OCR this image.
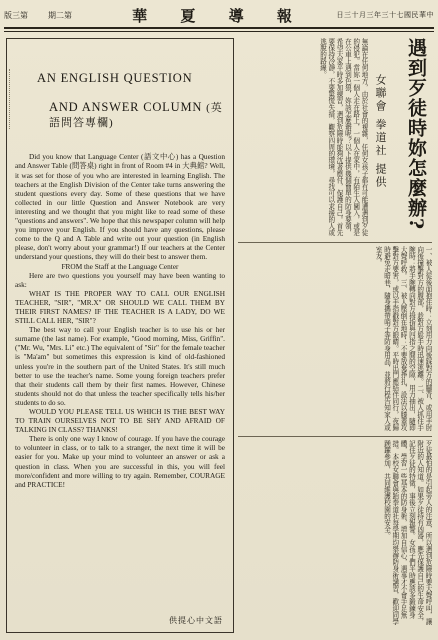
版三第	期二第	華 夏 導 報	日三十月三年三十七國民華中
AN ENGLISH QUESTION
AND ANSWER COLUMN (英語問答專欄)

Did you know that Language Center (語文中心) has a Question and Answer Table (問答桌) right in front of Room #4 in 大典館? Well, it was set for those of you who are interested in learning English. The teachers at the English Division of the Center take turns answering the student questions every day. Some of these questions that we have collected in our little Question and Answer Notebook are very interesting and we thought that you might like to read some of these "questions and answers". We hope that this newspaper column will help you improve your English. If you should have any questions, please come to the Q and A Table and write out your question (in English please, don't worry about your grammar!) If our teachers at the Center understand your questions, they will do their best to answer them.

FROM the Staff at the Language Center

Here are two questions you yourself may have been wanting to ask:

WHAT IS THE PROPER WAY TO CALL OUR ENGLISH TEACHER, "SIR", "MR.X" OR SHOULD WE CALL THEM BY THEIR FIRST NAMES? IF THE TEACHER IS A LADY, DO WE STILL CALL HER, "SIR"?

The best way to call your English teacher is to use his or her surname (the last name). For example, "Good morning, Miss, Griffin". ("Mr. Wu, "Mrs. Li" etc.) The equivalent of "Sir" for the female teacher is "Ma'am" but sometimes this expression is kind of old-fashioned unless you're in the southern part of the United States. It's still much better to use the teacher's name. Some young foreign teachers prefer that their students call them by their first names. However, Chinese students should not do that unless the teacher specifically tells his/her students to do so.

WOULD YOU PLEASE TELL US WHICH IS THE BEST WAY TO TRAIN OURSELVES NOT TO BE SHY AND AFRAID OF TALKING IN CLASS? THANKS!

There is only one way I know of courage. If you have the courage to volunteer in class, or to talk to a stranger, the next time it will be easier for you. Make up your mind to volunteer an answer or ask a question in class. When you are successful in this, you will feel more/confident and more willing to try again. Remember, COURAGE and PRACTICE!

供提心中文語
遇到歹徒時妳怎麼辦?
女聯會 拳道社 提供
無論在任何地方，由於社會的複雜，任何女孩子都有可能遭遇到歹徒的侵犯。當妳一個人走在路上，一個人在家中，有陌生人闖入，或是在公車上遇到色狼，妳該怎麼辦呢？以下提供幾個簡單的防身要領，希望大家平時多加練習，遇到危險時能夠沈著應付，保護自己。首先要保持冷靜，不要驚慌失措，觀察四周的環境，尋找可以求援的人或逃脫的路線。
一、被人從後面抱住時：立刻用力向後踩對方的腳背，或用手肘向後撞擊對方的腹部，趁對方鬆手時迅速逃離。二、被人抓住手腕時：將手腕轉向對方拇指與四指之間的空隙，用力抽出，隨即大聲呼救。三、被人壓倒在地時：不要放棄掙扎，設法以膝蓋攻擊對方要害，或以手指戳對方眼睛。平時出門應結伴同行，夜歸時避免走暗巷，隨身攜帶哨子等防身用品，並將行程告知家人或室友。
歹徒最怕的是引起旁人的注意，所以遇到危險時要大聲呼叫，讓附近的人知道。如果歹徒持有凶器，應先保護自己的生命安全，記住歹徒的特徵，事後立刻報警。女孩子們平時應該多鍛鍊身體，學習一些基本的防身術，增加自信心，遇事才不會手足無措。本校女聯會與跆拳道社每學期均舉辦防身術講習，歡迎同學踴躍參加，共同維護校園的安全。
